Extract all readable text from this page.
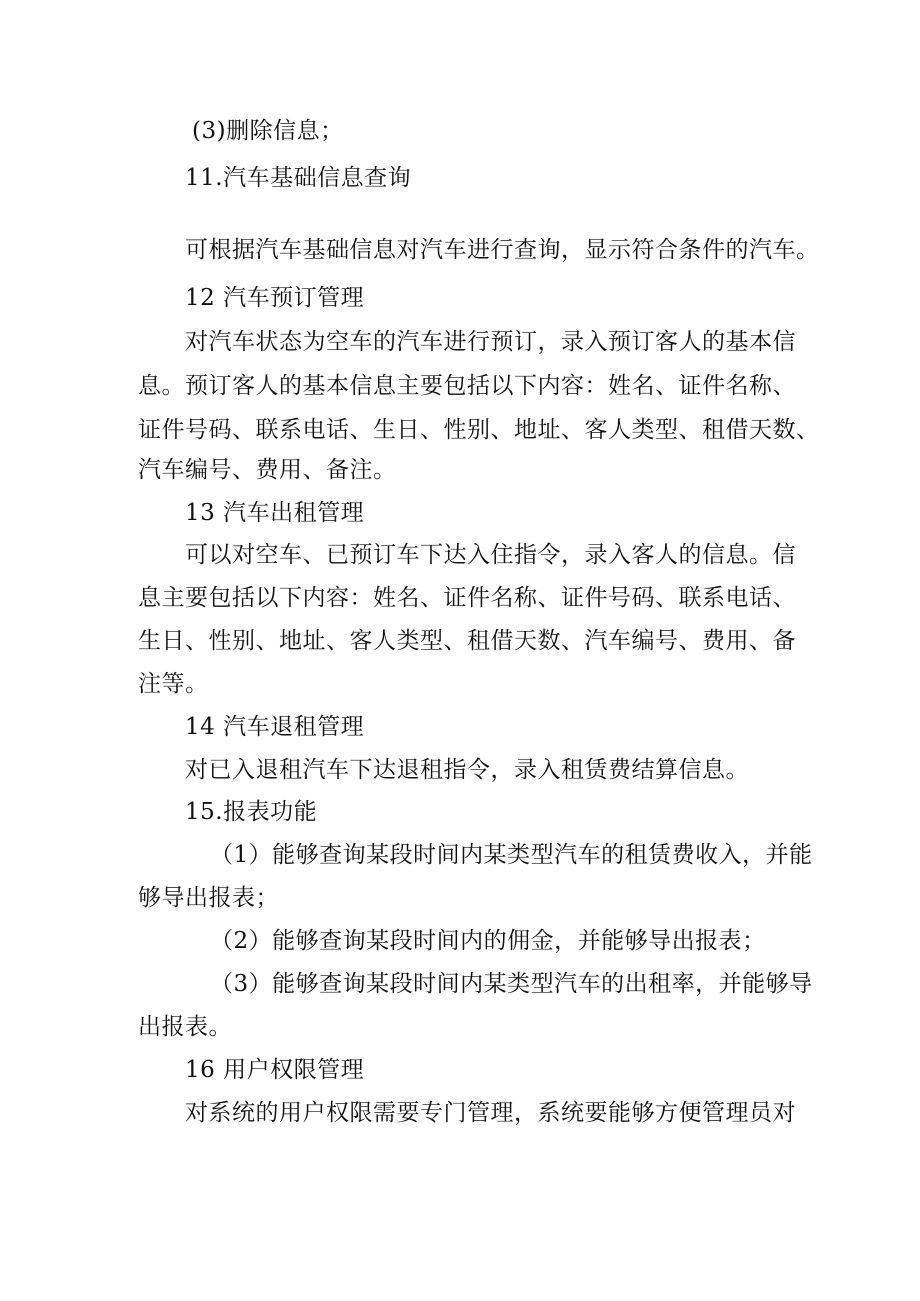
(3)删除信息；
11.汽车基础信息查询
可根据汽车基础信息对汽车进行查询，显示符合条件的汽车。
12 汽车预订管理
对汽车状态为空车的汽车进行预订，录入预订客人的基本信
息。预订客人的基本信息主要包括以下内容：姓名、证件名称、
证件号码、联系电话、生日、性别、地址、客人类型、租借天数、
汽车编号、费用、备注。
13 汽车出租管理
可以对空车、已预订车下达入住指令，录入客人的信息。信
息主要包括以下内容：姓名、证件名称、证件号码、联系电话、
生日、性别、地址、客人类型、租借天数、汽车编号、费用、备
注等。
14 汽车退租管理
对已入退租汽车下达退租指令，录入租赁费结算信息。
15.报表功能
（1）能够查询某段时间内某类型汽车的租赁费收入，并能
够导出报表；
（2）能够查询某段时间内的佣金，并能够导出报表；
（3）能够查询某段时间内某类型汽车的出租率，并能够导
出报表。
16 用户权限管理
对系统的用户权限需要专门管理，系统要能够方便管理员对
